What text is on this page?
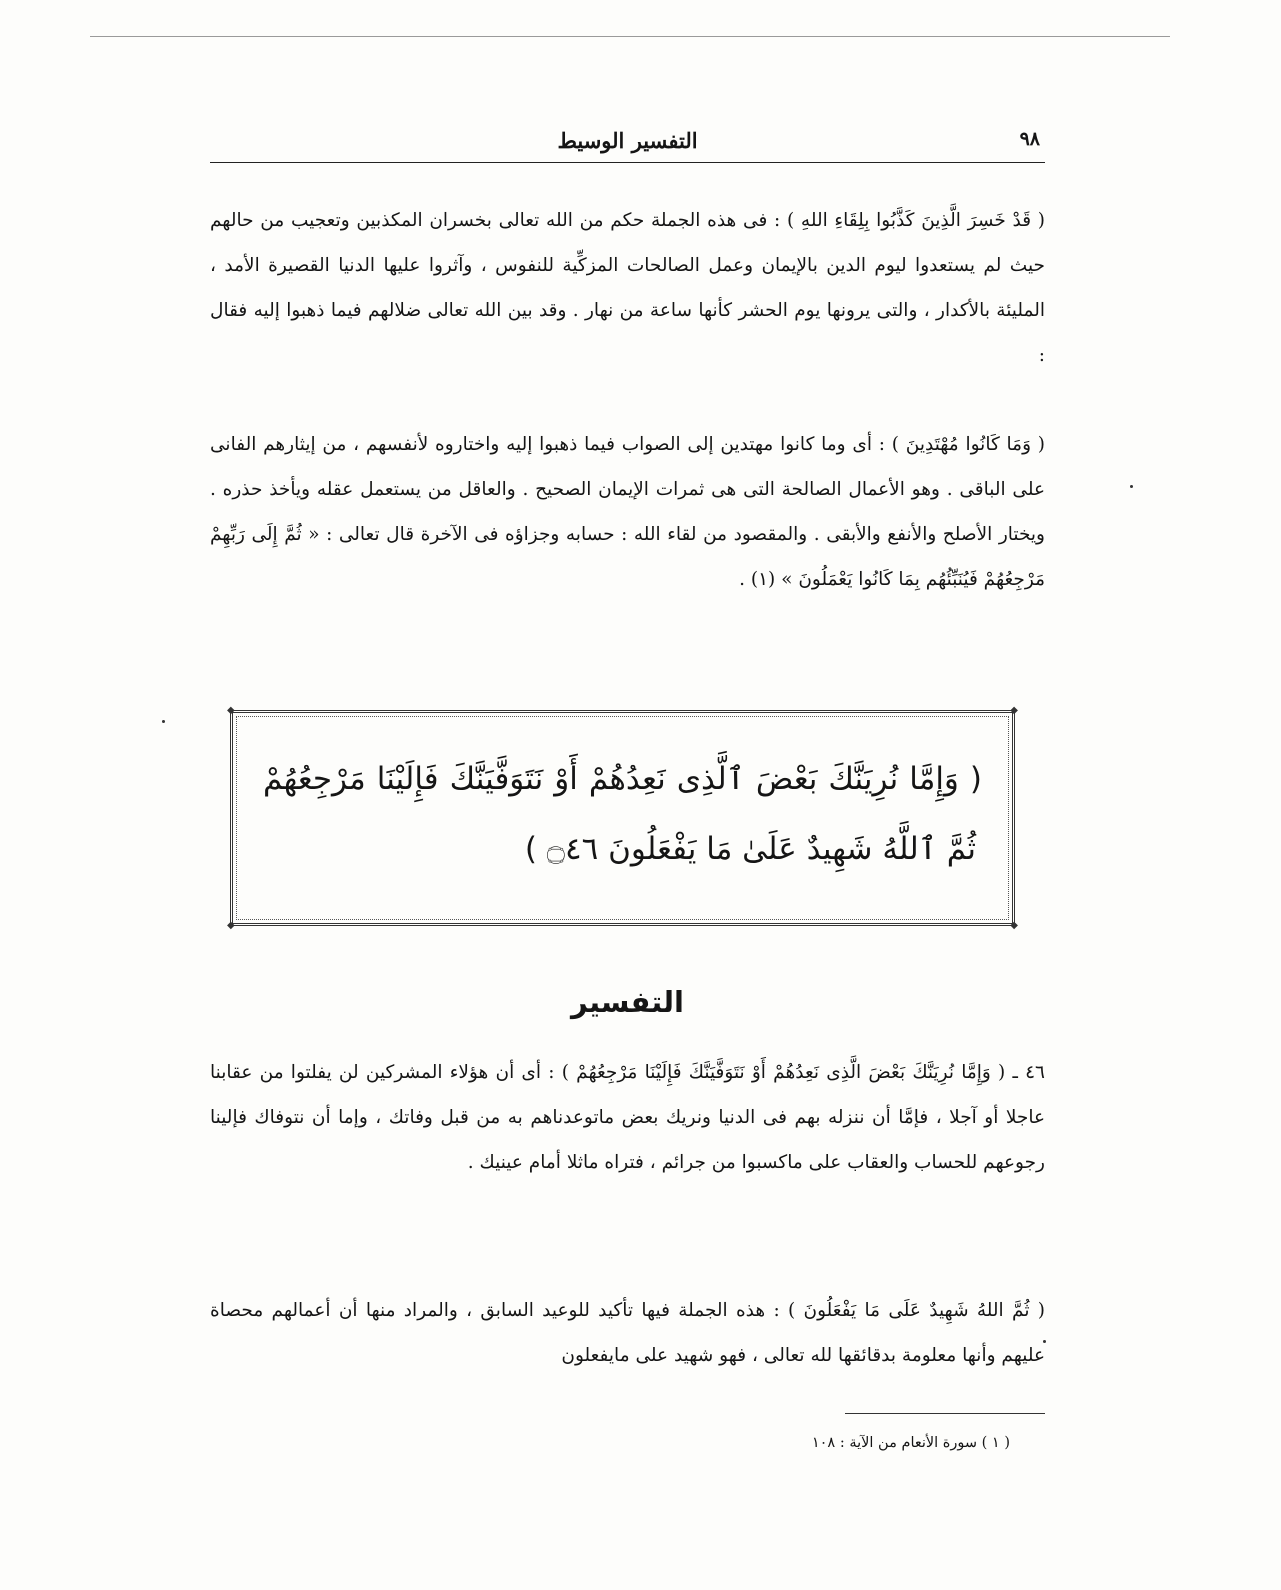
٩٨
التفسير الوسيط

( قَدْ خَسِرَ الَّذِينَ كَذَّبُوا بِلِقَاءِ اللهِ ) : فى هذه الجملة حكم من الله تعالى بخسران المكذبين وتعجيب من حالهم حيث لم يستعدوا ليوم الدين بالإيمان وعمل الصالحات المزكِّية للنفوس ، وآثروا عليها الدنيا القصيرة الأمد ، المليئة بالأكدار ، والتى يرونها يوم الحشر كأنها ساعة من نهار . وقد بين الله تعالى ضلالهم فيما ذهبوا إليه فقال :

( وَمَا كَانُوا مُهْتَدِينَ ) : أى وما كانوا مهتدين إلى الصواب فيما ذهبوا إليه واختاروه لأنفسهم ، من إيثارهم الفانى على الباقى . وهو الأعمال الصالحة التى هى ثمرات الإيمان الصحيح . والعاقل من يستعمل عقله ويأخذ حذره . ويختار الأصلح والأنفع والأبقى . والمقصود من لقاء الله : حسابه وجزاؤه فى الآخرة قال تعالى : « ثُمَّ إِلَى رَبِّهِمْ مَرْجِعُهُمْ فَيُنَبِّئُهُم بِمَا كَانُوا يَعْمَلُونَ » (١) .

◆	◆
◆	◆
( وَإِمَّا نُرِيَنَّكَ بَعْضَ ٱلَّذِى نَعِدُهُمْ أَوْ نَتَوَفَّيَنَّكَ فَإِلَيْنَا مَرْجِعُهُمْ
ثُمَّ ٱللَّهُ شَهِيدٌ عَلَىٰ مَا يَفْعَلُونَ ۝٤٦ )
التفسير

٤٦ ـ ( وَإِمَّا نُرِيَنَّكَ بَعْضَ الَّذِى نَعِدُهُمْ أَوْ نَتَوَفَّيَنَّكَ فَإِلَيْنَا مَرْجِعُهُمْ ) : أى أن هؤلاء المشركين لن يفلتوا من عقابنا عاجلا أو آجلا ، فإمَّا أن ننزله بهم فى الدنيا ونريك بعض ماتوعدناهم به من قبل وفاتك ، وإما أن نتوفاك فإلينا رجوعهم للحساب والعقاب على ماكسبوا من جرائم ، فتراه ماثلا أمام عينيك .

( ثُمَّ اللهُ شَهِيدٌ عَلَى مَا يَفْعَلُونَ ) : هذه الجملة فيها تأكيد للوعيد السابق ، والمراد منها أن أعمالهم محصاة عليهم وأنها معلومة بدقائقها لله تعالى ، فهو شهيد على مايفعلون

( ١ ) سورة الأنعام من الآية : ١٠٨
